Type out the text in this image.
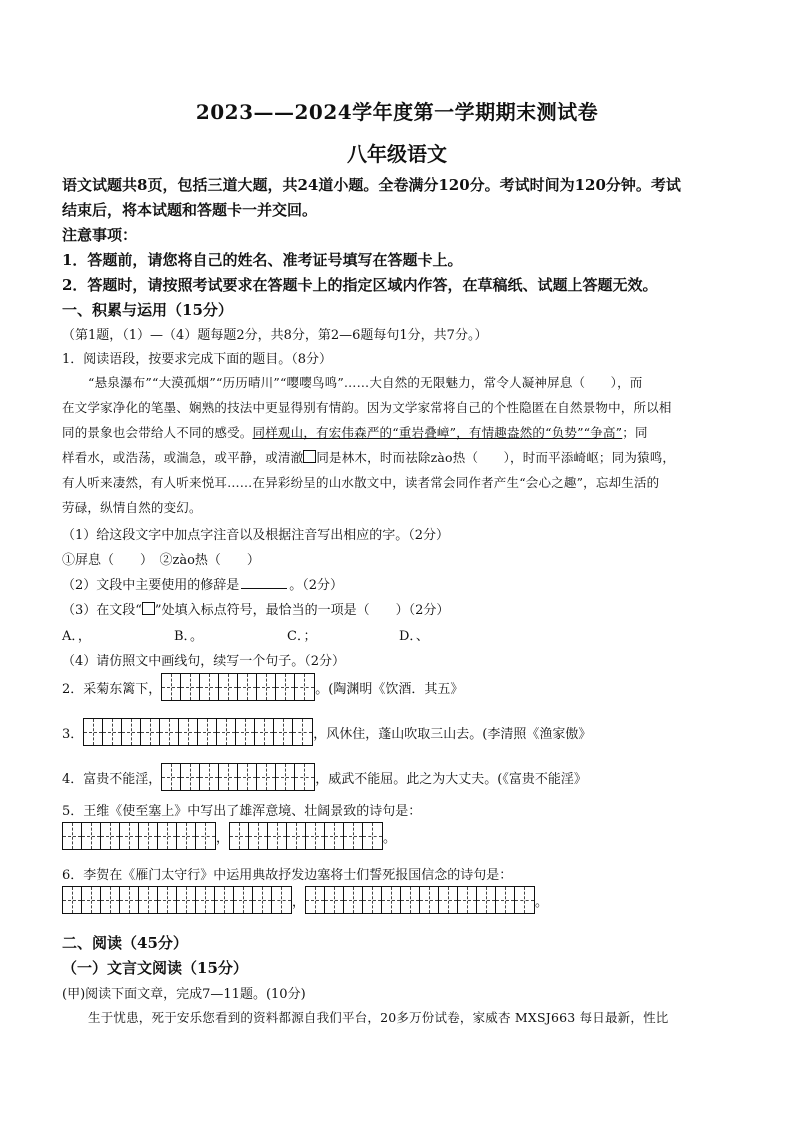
2023——2024学年度第一学期期末测试卷
八年级语文
语文试题共8页，包括三道大题，共24道小题。全卷满分120分。考试时间为120分钟。考试
结束后，将本试题和答题卡一并交回。
注意事项：
1．答题前，请您将自己的姓名、准考证号填写在答题卡上。
2．答题时，请按照考试要求在答题卡上的指定区域内作答，在草稿纸、试题上答题无效。
一、积累与运用（15分）
（第1题，（1）—（4）题每题2分，共8分，第2—6题每句1分，共7分。）
1．阅读语段，按要求完成下面的题目。（8分）
“悬泉瀑布”“大漠孤烟”“历历晴川”“嘤嘤鸟鸣”……大自然的无限魅力，常令人凝神屏息（　　），而
在文学家净化的笔墨、娴熟的技法中更显得别有情韵。因为文学家常将自己的个性隐匿在自然景物中，所以相
同的景象也会带给人不同的感受。同样观山，有宏伟森严的“重岩叠嶂”，有情趣盎然的“负势”“争高”；同
样看水，或浩荡，或湍急，或平静，或清澈 同是林木，时而祛除zào热（　　），时而平添崎岖；同为猿鸣，
有人听来凄然，有人听来悦耳……在异彩纷呈的山水散文中，读者常会同作者产生“会心之趣”，忘却生活的
劳碌，纵情自然的变幻。
（1）给这段文字中加点字注音以及根据注音写出相应的字。（2分）
①屏息（　　）　②zào热（　　）
（2）文段中主要使用的修辞是	。（2分）
（3）在文段“ ”处填入标点符号，最恰当的一项是（　　）（2分）
A．，	B．。	C．；	D．、
（4）请仿照文中画线句，续写一个句子。（2分）
2．采菊东篱下，	。(陶渊明《饮酒．其五》
3．	，风休住，蓬山吹取三山去。(李清照《渔家傲》
4．富贵不能淫，	，威武不能屈。此之为大丈夫。(《富贵不能淫》
5．王维《使至塞上》中写出了雄浑意境、壮阔景致的诗句是：
，	。
6．李贺在《雁门太守行》中运用典故抒发边塞将士们誓死报国信念的诗句是：
，	。
二、阅读（45分）
（一）文言文阅读（15分）
(甲)阅读下面文章，完成7—11题。(10分)
生于忧患，死于安乐您看到的资料都源自我们平台，20多万份试卷，家威杏 MXSJ663 每日最新，性比
